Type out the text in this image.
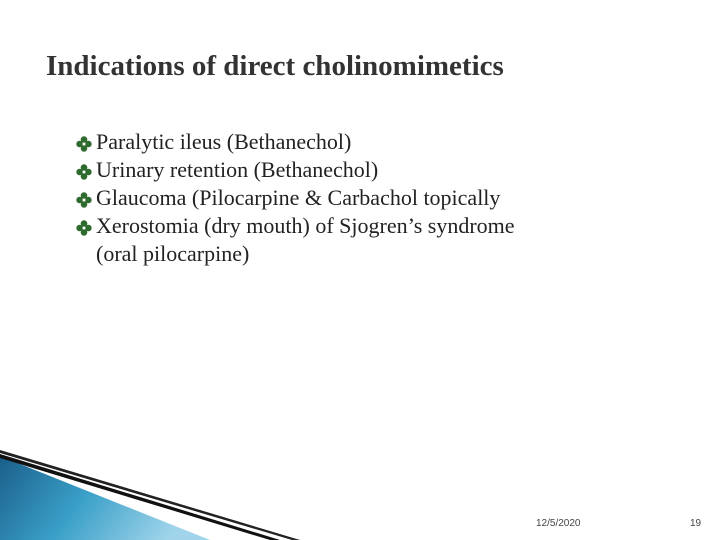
Indications of direct cholinomimetics
Paralytic ileus (Bethanechol)
Urinary retention (Bethanechol)
Glaucoma (Pilocarpine & Carbachol topically
Xerostomia (dry mouth) of Sjogren’s syndrome
(oral pilocarpine)
12/5/2020	19
